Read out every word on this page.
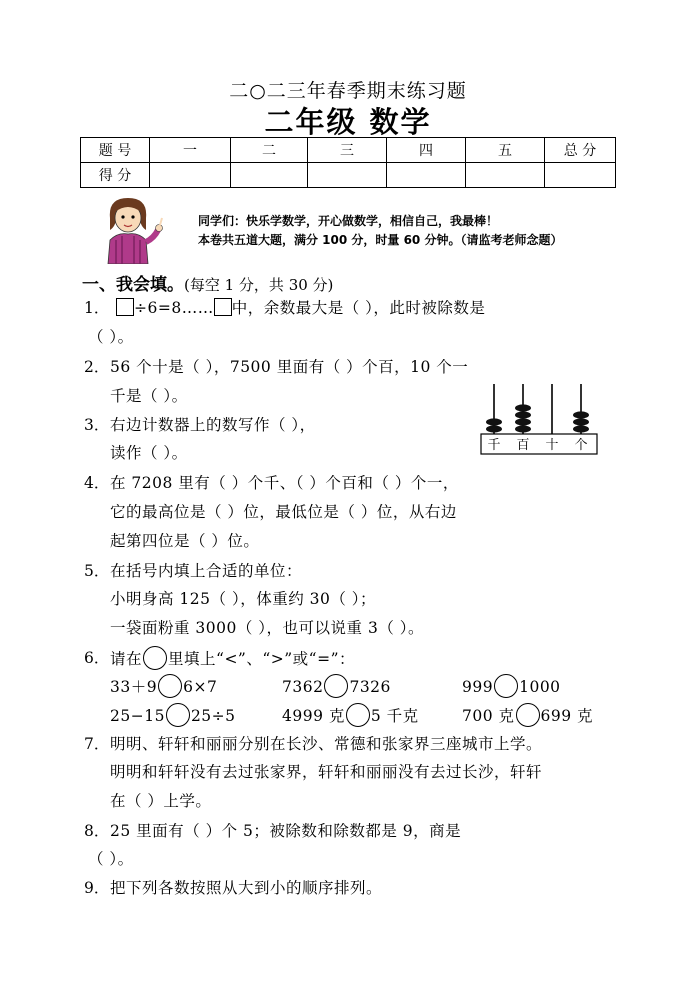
二○二三年春季期末练习题
二年级 数学
题 号	一	二	三	四	五	总 分
得 分						
同学们：快乐学数学，开心做数学，相信自己，我最棒！
本卷共五道大题，满分 100 分，时量 60 分钟。（请监考老师念题）
一、我会填。(每空 1 分，共 30 分)
1．	÷6=8…… 中，余数最大是（ ），此时被除数是
（ ）。
2． 56 个十是（ ），7500 里面有（ ）个百，10 个一
千是（ ）。
3． 右边计数器上的数写作（ ），
读作（ ）。	千 百 十 个
4． 在 7208 里有（ ）个千、（ ）个百和（ ）个一，
它的最高位是（ ）位，最低位是（ ）位，从右边
起第四位是（ ）位。
5． 在括号内填上合适的单位：
小明身高 125（ ），体重约 30（ ）；
一袋面粉重 3000（ ），也可以说重 3（ ）。
6． 请在 里填上“<”、“>”或“=”：
33＋9 6×7	7362 7326	999 1000
25−15 25÷5	4999 克 5 千克	700 克 699 克
7． 明明、轩轩和丽丽分别在长沙、常德和张家界三座城市上学。
明明和轩轩没有去过张家界，轩轩和丽丽没有去过长沙，轩轩
在（ ）上学。
8． 25 里面有（ ）个 5；被除数和除数都是 9，商是
（ ）。
9． 把下列各数按照从大到小的顺序排列。
